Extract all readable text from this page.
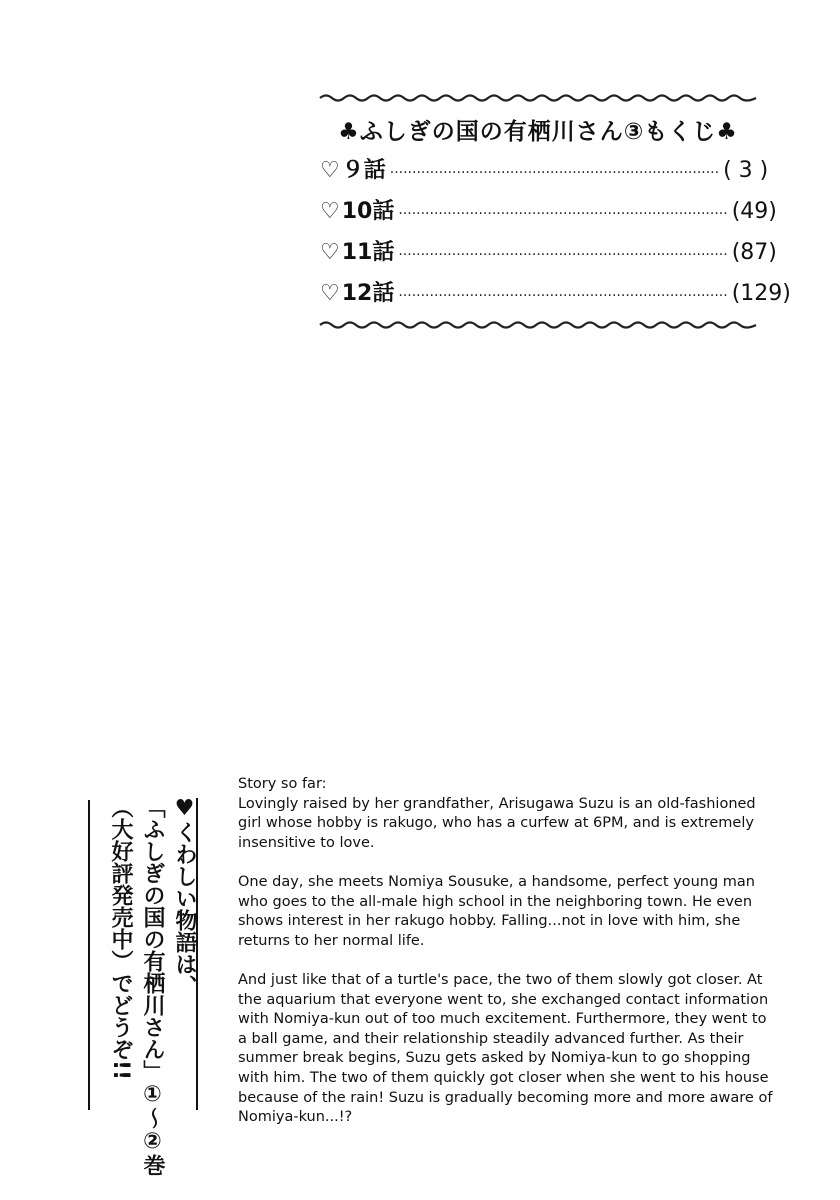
♣ふしぎの国の有栖川さん③もくじ♣
♡ ９話 ·········································································· ( 3 )
♡ 10話 ·········································································· (49)
♡ 11話 ·········································································· (87)
♡ 12話 ·········································································· (129)
♥くわしい物語は、
「ふしぎの国の有栖川さん」①〜②巻
（大好評発売中）でどうぞ!!

Story so far:

Lovingly raised by her grandfather, Arisugawa Suzu is an old-fashioned girl whose hobby is rakugo, who has a curfew at 6PM, and is extremely insensitive to love.

One day, she meets Nomiya Sousuke, a handsome, perfect young man who goes to the all-male high school in the neighboring town. He even shows interest in her rakugo hobby. Falling...not in love with him, she returns to her normal life.

And just like that of a turtle's pace, the two of them slowly got closer. At the aquarium that everyone went to, she exchanged contact information with Nomiya-kun out of too much excitement. Furthermore, they went to a ball game, and their relationship steadily advanced further. As their summer break begins, Suzu gets asked by Nomiya-kun to go shopping with him. The two of them quickly got closer when she went to his house because of the rain! Suzu is gradually becoming more and more aware of Nomiya-kun...!?
